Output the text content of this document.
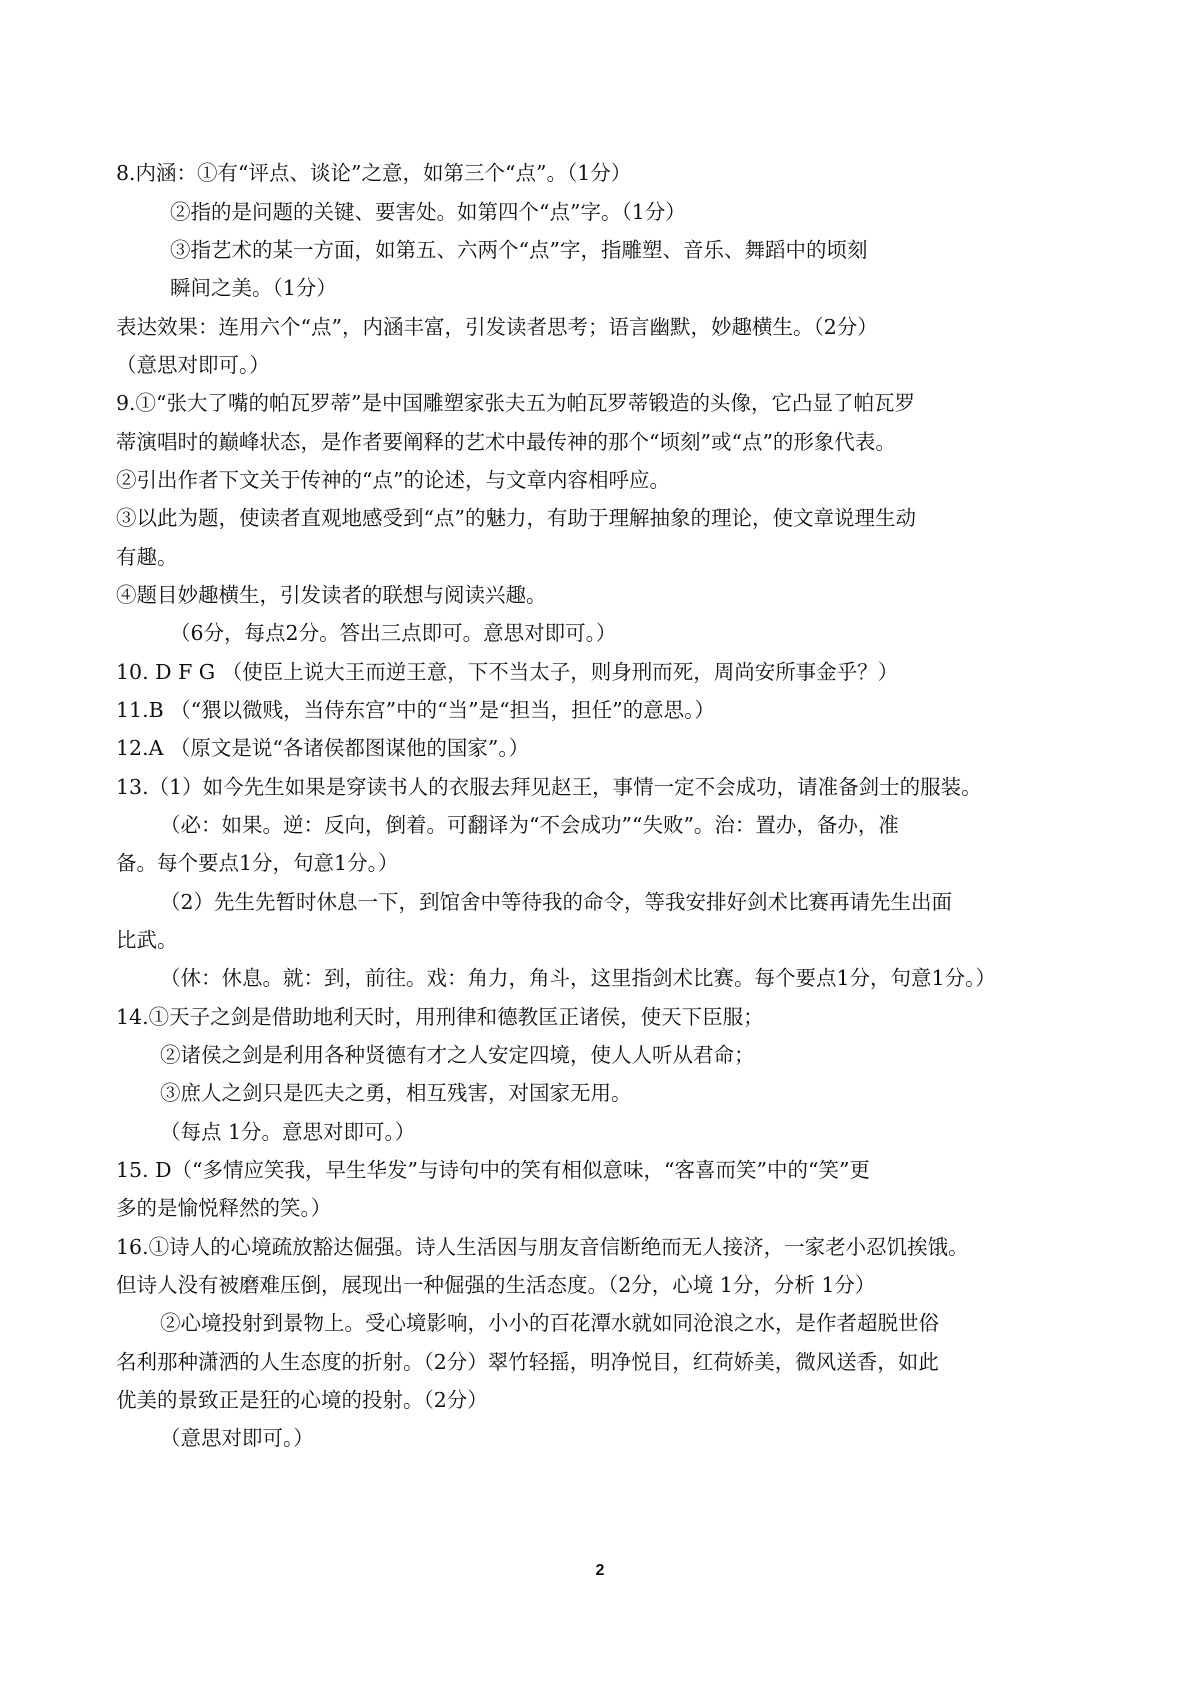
8.内涵：①有“评点、谈论”之意，如第三个“点”。（1分）
②指的是问题的关键、要害处。如第四个“点”字。（1分）
③指艺术的某一方面，如第五、六两个“点”字，指雕塑、音乐、舞蹈中的顷刻
瞬间之美。（1分）
表达效果：连用六个“点”，内涵丰富，引发读者思考；语言幽默，妙趣横生。（2分）
（意思对即可。）
9.①“张大了嘴的帕瓦罗蒂”是中国雕塑家张夫五为帕瓦罗蒂锻造的头像，它凸显了帕瓦罗
蒂演唱时的巅峰状态，是作者要阐释的艺术中最传神的那个“顷刻”或“点”的形象代表。
②引出作者下文关于传神的“点”的论述，与文章内容相呼应。
③以此为题，使读者直观地感受到“点”的魅力，有助于理解抽象的理论，使文章说理生动
有趣。
④题目妙趣横生，引发读者的联想与阅读兴趣。
（6分，每点2分。答出三点即可。意思对即可。）
10. D F G （使臣上说大王而逆王意，下不当太子，则身刑而死，周尚安所事金乎？）
11.B （“猥以微贱，当侍东宫”中的“当”是“担当，担任”的意思。）
12.A （原文是说“各诸侯都图谋他的国家”。）
13.（1）如今先生如果是穿读书人的衣服去拜见赵王，事情一定不会成功，请准备剑士的服装。
（必：如果。逆：反向，倒着。可翻译为“不会成功”“失败”。治：置办，备办，准
备。每个要点1分，句意1分。）
（2）先生先暂时休息一下，到馆舍中等待我的命令，等我安排好剑术比赛再请先生出面
比武。
（休：休息。就：到，前往。戏：角力，角斗，这里指剑术比赛。每个要点1分，句意1分。）
14.①天子之剑是借助地利天时，用刑律和德教匡正诸侯，使天下臣服；
②诸侯之剑是利用各种贤德有才之人安定四境，使人人听从君命；
③庶人之剑只是匹夫之勇，相互残害，对国家无用。
（每点 1分。意思对即可。）
15. D（“多情应笑我，早生华发”与诗句中的笑有相似意味，“客喜而笑”中的“笑”更
多的是愉悦释然的笑。）
16.①诗人的心境疏放豁达倔强。诗人生活因与朋友音信断绝而无人接济，一家老小忍饥挨饿。
但诗人没有被磨难压倒，展现出一种倔强的生活态度。（2分，心境 1分，分析 1分）
②心境投射到景物上。受心境影响，小小的百花潭水就如同沧浪之水，是作者超脱世俗
名利那种潇洒的人生态度的折射。（2分）翠竹轻摇，明净悦目，红荷娇美，微风送香，如此
优美的景致正是狂的心境的投射。（2分）
（意思对即可。）
2
